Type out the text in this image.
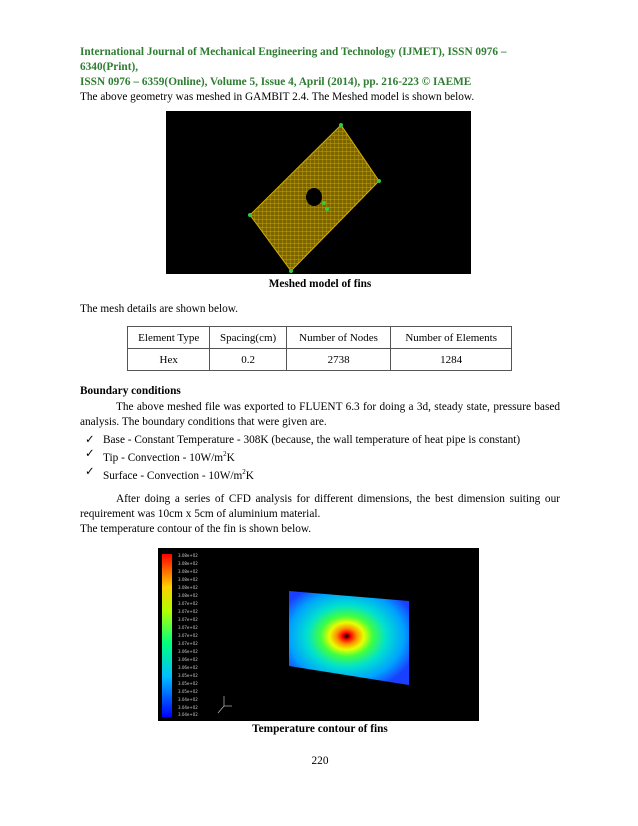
International Journal of Mechanical Engineering and Technology (IJMET), ISSN 0976 – 6340(Print),
ISSN 0976 – 6359(Online), Volume 5, Issue 4, April (2014), pp. 216-223 © IAEME
The above geometry was meshed in GAMBIT 2.4. The Meshed model is shown below.
Meshed model of fins
The mesh details are shown below.
Element Type	Spacing(cm)	Number of Nodes	Number of Elements
Hex	0.2	2738	1284
Boundary conditions
The above meshed file was exported to FLUENT 6.3 for doing a 3d, steady state, pressure based analysis. The boundary conditions that were given are.
✓ Base - Constant Temperature - 308K (because, the wall temperature of heat pipe is constant)
✓ Tip - Convection - $10W/m^2K$
✓ Surface - Convection - $10W/m^2K$
After doing a series of CFD analysis for different dimensions, the best dimension suiting our requirement was 10cm x 5cm of aluminium material.
The temperature contour of the fin is shown below.
3.08e+02
3.08e+02
3.08e+02
3.08e+02
3.08e+02
3.08e+02
3.07e+02
3.07e+02
3.07e+02
3.07e+02
3.07e+02
3.07e+02
3.06e+02
3.06e+02
3.06e+02
3.05e+02
3.05e+02
3.05e+02
3.04e+02
3.04e+02
3.04e+02
Temperature contour of fins
220
